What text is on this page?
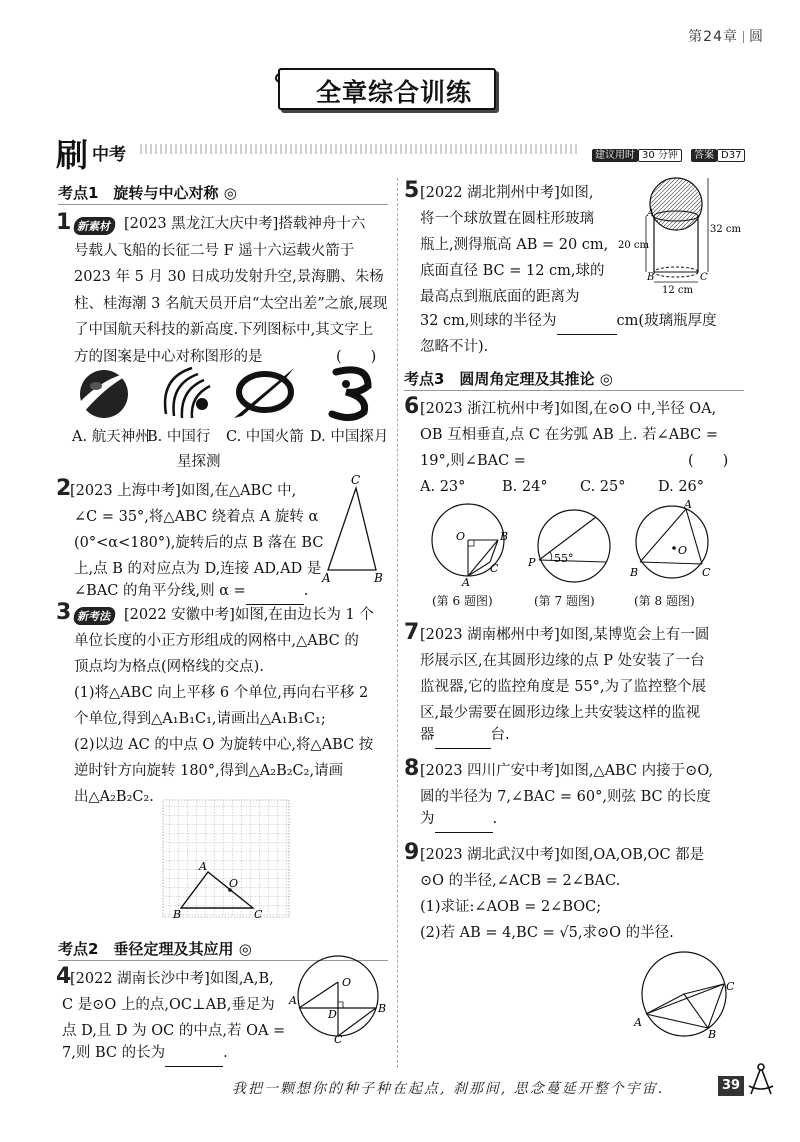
第24章 圆
全章综合训练
刷 中考	建议用时 30 分钟 答案 D37
考点1　旋转与中心对称 ◎
1 新素材 [2023 黑龙江大庆中考]搭载神舟十六
号载人飞船的长征二号 F 遥十六运载火箭于
2023 年 5 月 30 日成功发射升空,景海鹏、朱杨
柱、桂海潮 3 名航天员开启“太空出差”之旅,展现
了中国航天科技的新高度.下列图标中,其文字上
方的图案是中心对称图形的是	(　　)
A. 航天神州
B. 中国行 C. 中国火箭 D. 中国探月
星探测
2
[2023 上海中考]如图,在△ABC 中,
∠C = 35°,将△ABC 绕着点 A 旋转 α
(0°<α<180°),旋转后的点 B 落在 BC
上,点 B 的对应点为 D,连接 AD,AD 是
∠BAC 的角平分线,则 α =	.
C
A	B
3 新考法 [2022 安徽中考]如图,在由边长为 1 个
单位长度的小正方形组成的网格中,△ABC 的
顶点均为格点(网格线的交点).
(1)将△ABC 向上平移 6 个单位,再向右平移 2
个单位,得到△A₁B₁C₁,请画出△A₁B₁C₁;
(2)以边 AC 的中点 O 为旋转中心,将△ABC 按
逆时针方向旋转 180°,得到△A₂B₂C₂,请画
出△A₂B₂C₂.
A
B	C
O
考点2　垂径定理及其应用 ◎
4
[2022 湖南长沙中考]如图,A,B,
C 是⊙O 上的点,OC⊥AB,垂足为
点 D,且 D 为 OC 的中点,若 OA =
7,则 BC 的长为	.
O
A
B
D
C
5 [2022 湖北荆州中考]如图,
将一个球放置在圆柱形玻璃
瓶上,测得瓶高 AB = 20 cm,
底面直径 BC = 12 cm,球的
最高点到瓶底面的距离为
32 cm,则球的半径为	cm(玻璃瓶厚度
忽略不计).
A
B	C
20 cm
32 cm
12 cm
考点3　圆周角定理及其推论 ◎
6 [2023 浙江杭州中考]如图,在⊙O 中,半径 OA,
OB 互相垂直,点 C 在劣弧 AB 上. 若∠ABC =
19°,则∠BAC =	(　　)
A. 23°	B. 24° C. 25° D. 26°
O	B
C
A
P 55°
A
B	C
O
(第 6 题图)	(第 7 题图)	(第 8 题图)
7 [2023 湖南郴州中考]如图,某博览会上有一圆
形展示区,在其圆形边缘的点 P 处安装了一台
监视器,它的监控角度是 55°,为了监控整个展
区,最少需要在圆形边缘上共安装这样的监视
器	台.
8 [2023 四川广安中考]如图,△ABC 内接于⊙O,
圆的半径为 7,∠BAC = 60°,则弦 BC 的长度
为	.
9 [2023 湖北武汉中考]如图,OA,OB,OC 都是
⊙O 的半径,∠ACB = 2∠BAC.
(1)求证:∠AOB = 2∠BOC;
(2)若 AB = 4,BC = √5,求⊙O 的半径.
C
A
B
我把一颗想你的种子种在起点, 刹那间, 思念蔓延开整个宇宙.	39
